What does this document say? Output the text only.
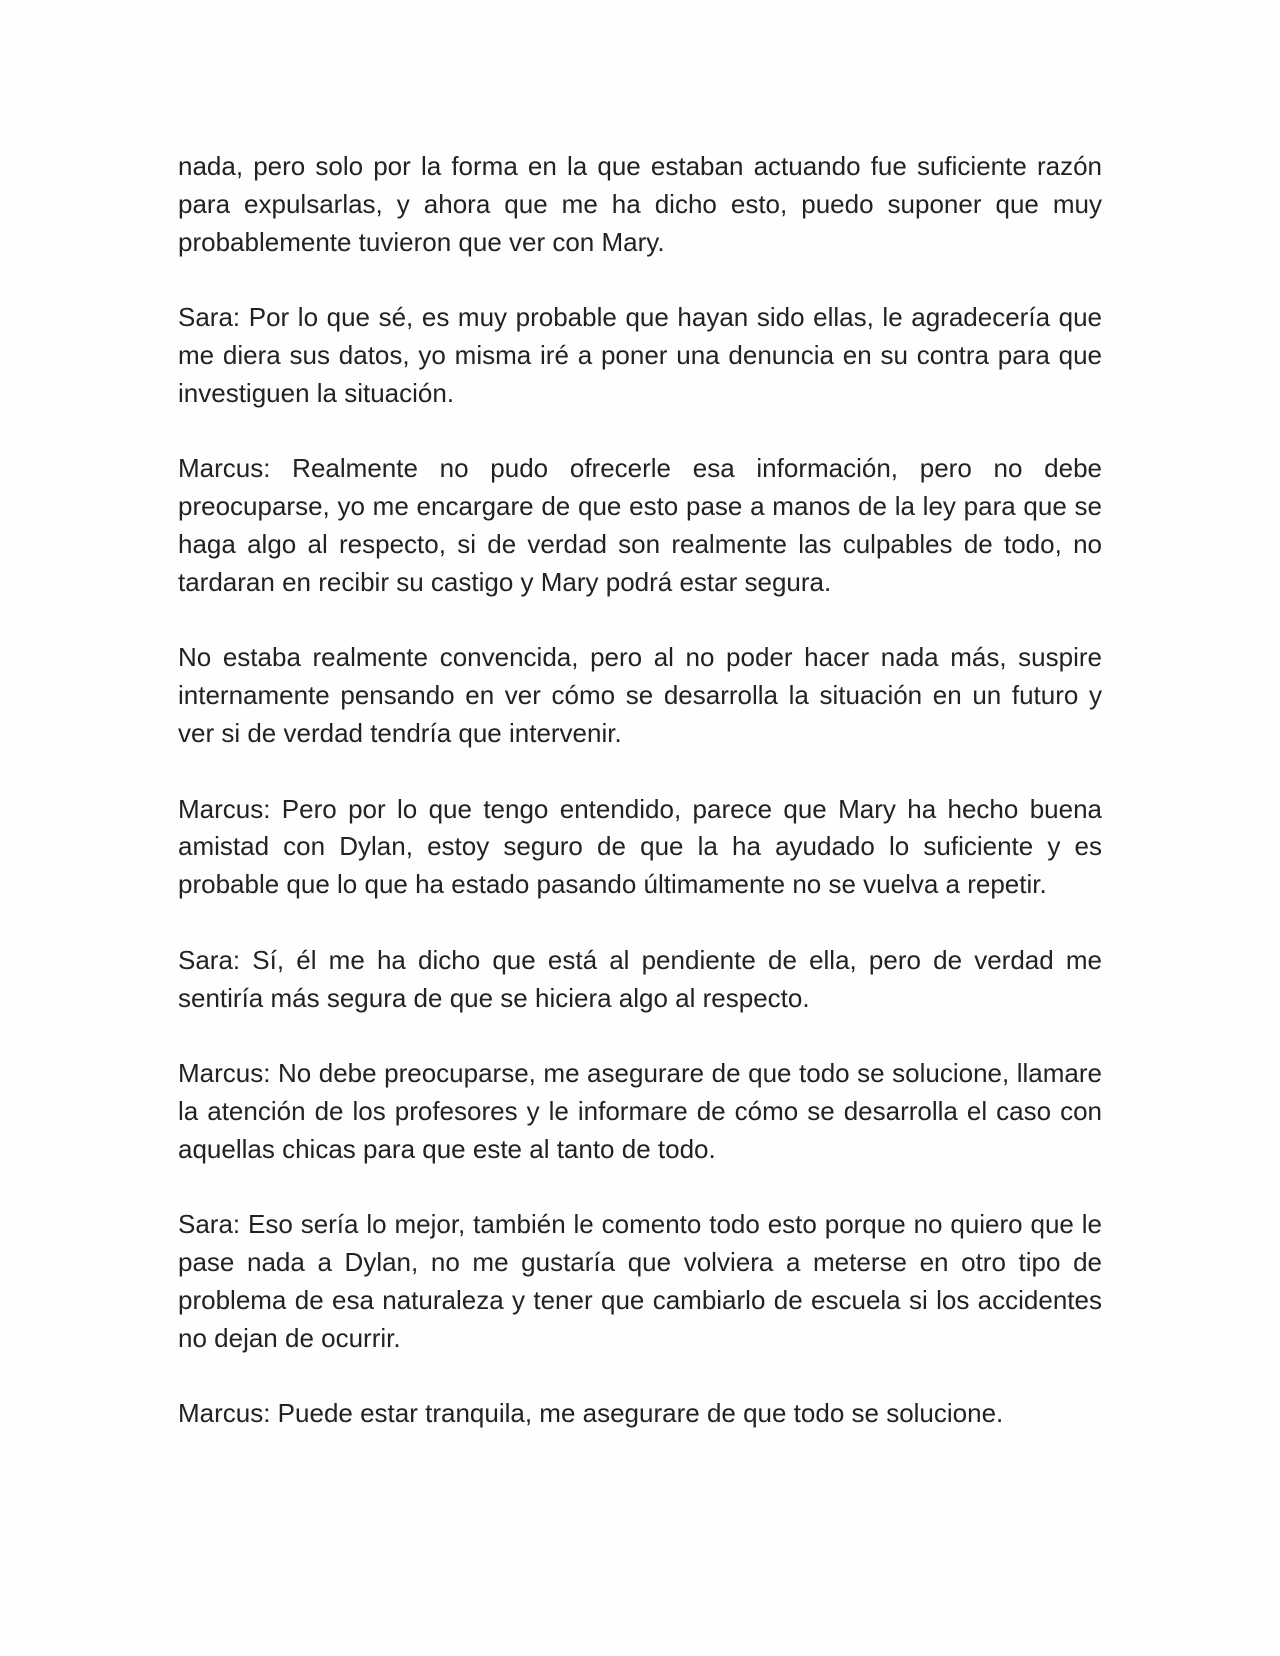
nada, pero solo por la forma en la que estaban actuando fue suficiente razón para expulsarlas, y ahora que me ha dicho esto, puedo suponer que muy probablemente tuvieron que ver con Mary.

Sara: Por lo que sé, es muy probable que hayan sido ellas, le agradecería que me diera sus datos, yo misma iré a poner una denuncia en su contra para que investiguen la situación.

Marcus: Realmente no pudo ofrecerle esa información, pero no debe preocuparse, yo me encargare de que esto pase a manos de la ley para que se haga algo al respecto, si de verdad son realmente las culpables de todo, no tardaran en recibir su castigo y Mary podrá estar segura.

No estaba realmente convencida, pero al no poder hacer nada más, suspire internamente pensando en ver cómo se desarrolla la situación en un futuro y ver si de verdad tendría que intervenir.

Marcus: Pero por lo que tengo entendido, parece que Mary ha hecho buena amistad con Dylan, estoy seguro de que la ha ayudado lo suficiente y es probable que lo que ha estado pasando últimamente no se vuelva a repetir.

Sara: Sí, él me ha dicho que está al pendiente de ella, pero de verdad me sentiría más segura de que se hiciera algo al respecto.

Marcus: No debe preocuparse, me asegurare de que todo se solucione, llamare la atención de los profesores y le informare de cómo se desarrolla el caso con aquellas chicas para que este al tanto de todo.

Sara: Eso sería lo mejor, también le comento todo esto porque no quiero que le pase nada a Dylan, no me gustaría que volviera a meterse en otro tipo de problema de esa naturaleza y tener que cambiarlo de escuela si los accidentes no dejan de ocurrir.

Marcus: Puede estar tranquila, me asegurare de que todo se solucione.
